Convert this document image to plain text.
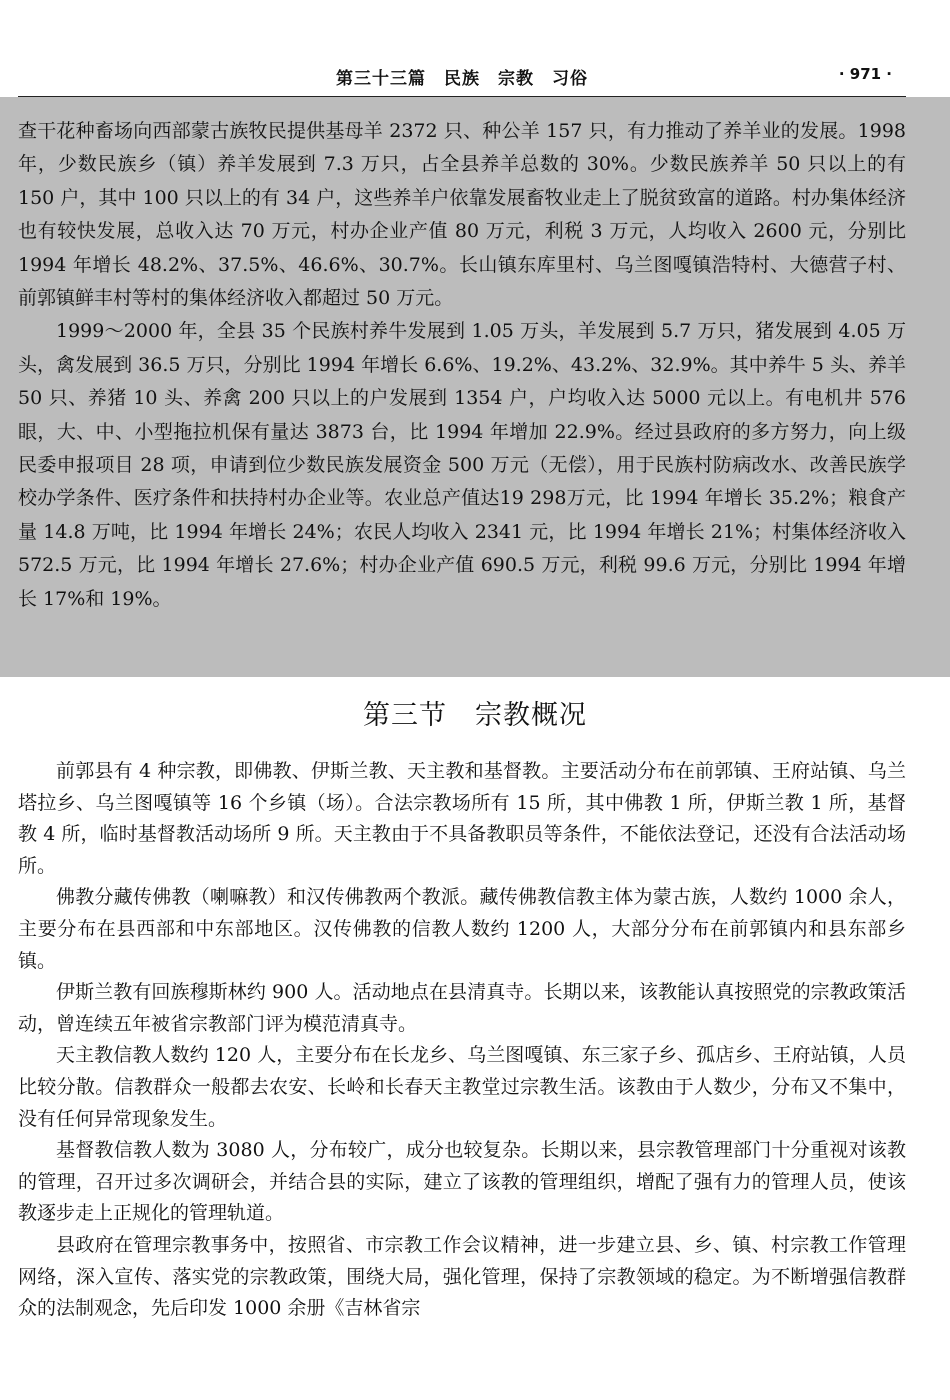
第三十三篇　民族　宗教　习俗	· 971 ·

查干花种畜场向西部蒙古族牧民提供基母羊 2372 只、种公羊 157 只，有力推动了养羊业的发展。1998 年，少数民族乡（镇）养羊发展到 7.3 万只，占全县养羊总数的 30%。少数民族养羊 50 只以上的有 150 户，其中 100 只以上的有 34 户，这些养羊户依靠发展畜牧业走上了脱贫致富的道路。村办集体经济也有较快发展，总收入达 70 万元，村办企业产值 80 万元，利税 3 万元，人均收入 2600 元，分别比 1994 年增长 48.2%、37.5%、46.6%、30.7%。长山镇东库里村、乌兰图嘎镇浩特村、大德营子村、前郭镇鲜丰村等村的集体经济收入都超过 50 万元。

1999～2000 年，全县 35 个民族村养牛发展到 1.05 万头，羊发展到 5.7 万只，猪发展到 4.05 万头，禽发展到 36.5 万只，分别比 1994 年增长 6.6%、19.2%、43.2%、32.9%。其中养牛 5 头、养羊 50 只、养猪 10 头、养禽 200 只以上的户发展到 1354 户，户均收入达 5000 元以上。有电机井 576 眼，大、中、小型拖拉机保有量达 3873 台，比 1994 年增加 22.9%。经过县政府的多方努力，向上级民委申报项目 28 项，申请到位少数民族发展资金 500 万元（无偿），用于民族村防病改水、改善民族学校办学条件、医疗条件和扶持村办企业等。农业总产值达19 298万元，比 1994 年增长 35.2%；粮食产量 14.8 万吨，比 1994 年增长 24%；农民人均收入 2341 元，比 1994 年增长 21%；村集体经济收入 572.5 万元，比 1994 年增长 27.6%；村办企业产值 690.5 万元，利税 99.6 万元，分别比 1994 年增长 17%和 19%。

第三节　宗教概况

前郭县有 4 种宗教，即佛教、伊斯兰教、天主教和基督教。主要活动分布在前郭镇、王府站镇、乌兰塔拉乡、乌兰图嘎镇等 16 个乡镇（场）。合法宗教场所有 15 所，其中佛教 1 所，伊斯兰教 1 所，基督教 4 所，临时基督教活动场所 9 所。天主教由于不具备教职员等条件，不能依法登记，还没有合法活动场所。

佛教分藏传佛教（喇嘛教）和汉传佛教两个教派。藏传佛教信教主体为蒙古族，人数约 1000 余人，主要分布在县西部和中东部地区。汉传佛教的信教人数约 1200 人，大部分分布在前郭镇内和县东部乡镇。

伊斯兰教有回族穆斯林约 900 人。活动地点在县清真寺。长期以来，该教能认真按照党的宗教政策活动，曾连续五年被省宗教部门评为模范清真寺。

天主教信教人数约 120 人，主要分布在长龙乡、乌兰图嘎镇、东三家子乡、孤店乡、王府站镇，人员比较分散。信教群众一般都去农安、长岭和长春天主教堂过宗教生活。该教由于人数少，分布又不集中，没有任何异常现象发生。

基督教信教人数为 3080 人，分布较广，成分也较复杂。长期以来，县宗教管理部门十分重视对该教的管理，召开过多次调研会，并结合县的实际，建立了该教的管理组织，增配了强有力的管理人员，使该教逐步走上正规化的管理轨道。

县政府在管理宗教事务中，按照省、市宗教工作会议精神，进一步建立县、乡、镇、村宗教工作管理网络，深入宣传、落实党的宗教政策，围绕大局，强化管理，保持了宗教领域的稳定。为不断增强信教群众的法制观念，先后印发 1000 余册《吉林省宗
